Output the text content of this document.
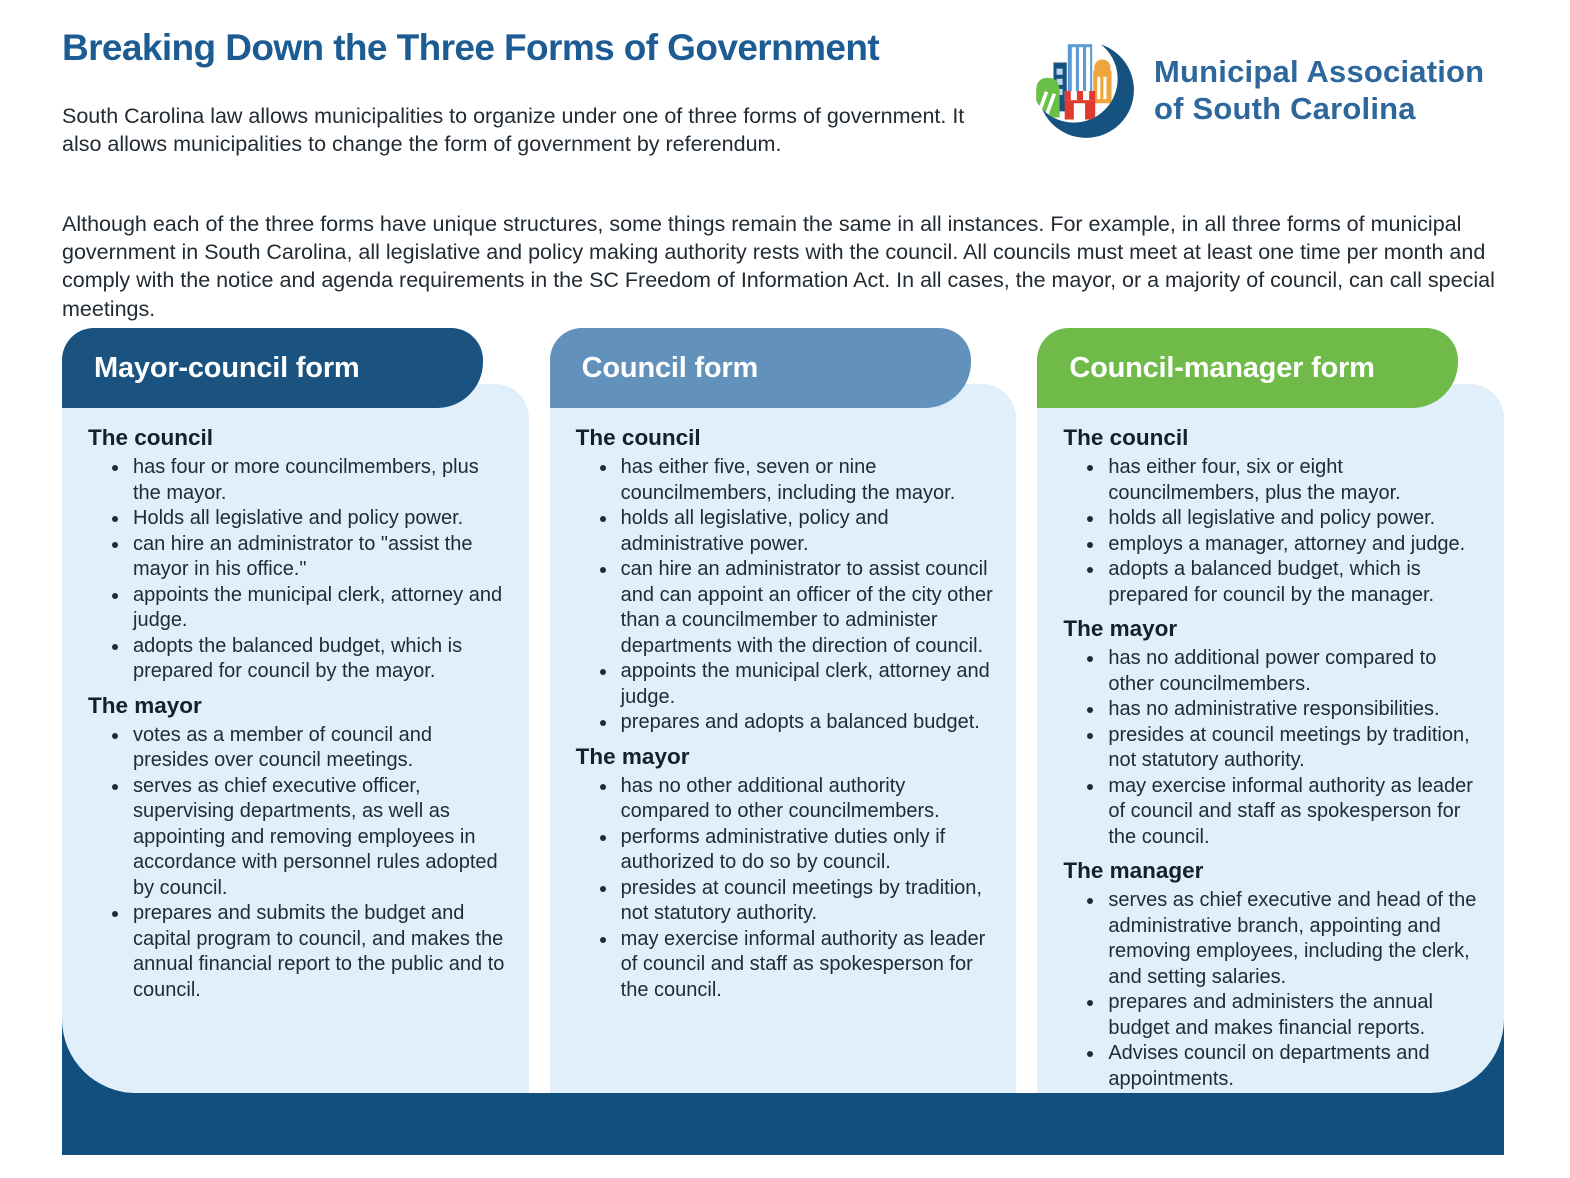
Breaking Down the Three Forms of Government

South Carolina law allows municipalities to organize under one of three forms of government. It also allows municipalities to change the form of government by referendum.

Municipal Association
of South Carolina

Although each of the three forms have unique structures, some things remain the same in all instances. For example, in all three forms of municipal government in South Carolina, all legislative and policy making authority rests with the council. All councils must meet at least one time per month and comply with the notice and agenda requirements in the SC Freedom of Information Act. In all cases, the mayor, or a majority of council, can call special meetings.

Mayor-council form
The council
• has four or more councilmembers, plus the mayor.
• Holds all legislative and policy power.
• can hire an administrator to "assist the mayor in his office."
• appoints the municipal clerk, attorney and judge.
• adopts the balanced budget, which is prepared for council by the mayor.
The mayor
• votes as a member of council and presides over council meetings.
• serves as chief executive officer, supervising departments, as well as appointing and removing employees in accordance with personnel rules adopted by council.
• prepares and submits the budget and capital program to council, and makes the annual financial report to the public and to council.
Council form
The council
• has either five, seven or nine councilmembers, including the mayor.
• holds all legislative, policy and administrative power.
• can hire an administrator to assist council and can appoint an officer of the city other than a councilmember to administer departments with the direction of council.
• appoints the municipal clerk, attorney and judge.
• prepares and adopts a balanced budget.
The mayor
• has no other additional authority compared to other councilmembers.
• performs administrative duties only if authorized to do so by council.
• presides at council meetings by tradition, not statutory authority.
• may exercise informal authority as leader of council and staff as spokesperson for the council.
Council-manager form
The council
• has either four, six or eight councilmembers, plus the mayor.
• holds all legislative and policy power.
• employs a manager, attorney and judge.
• adopts a balanced budget, which is prepared for council by the manager.
The mayor
• has no additional power compared to other councilmembers.
• has no administrative responsibilities.
• presides at council meetings by tradition, not statutory authority.
• may exercise informal authority as leader of council and staff as spokesperson for the council.
The manager
• serves as chief executive and head of the administrative branch, appointing and removing employees, including the clerk, and setting salaries.
• prepares and administers the annual budget and makes financial reports.
• Advises council on departments and appointments.
